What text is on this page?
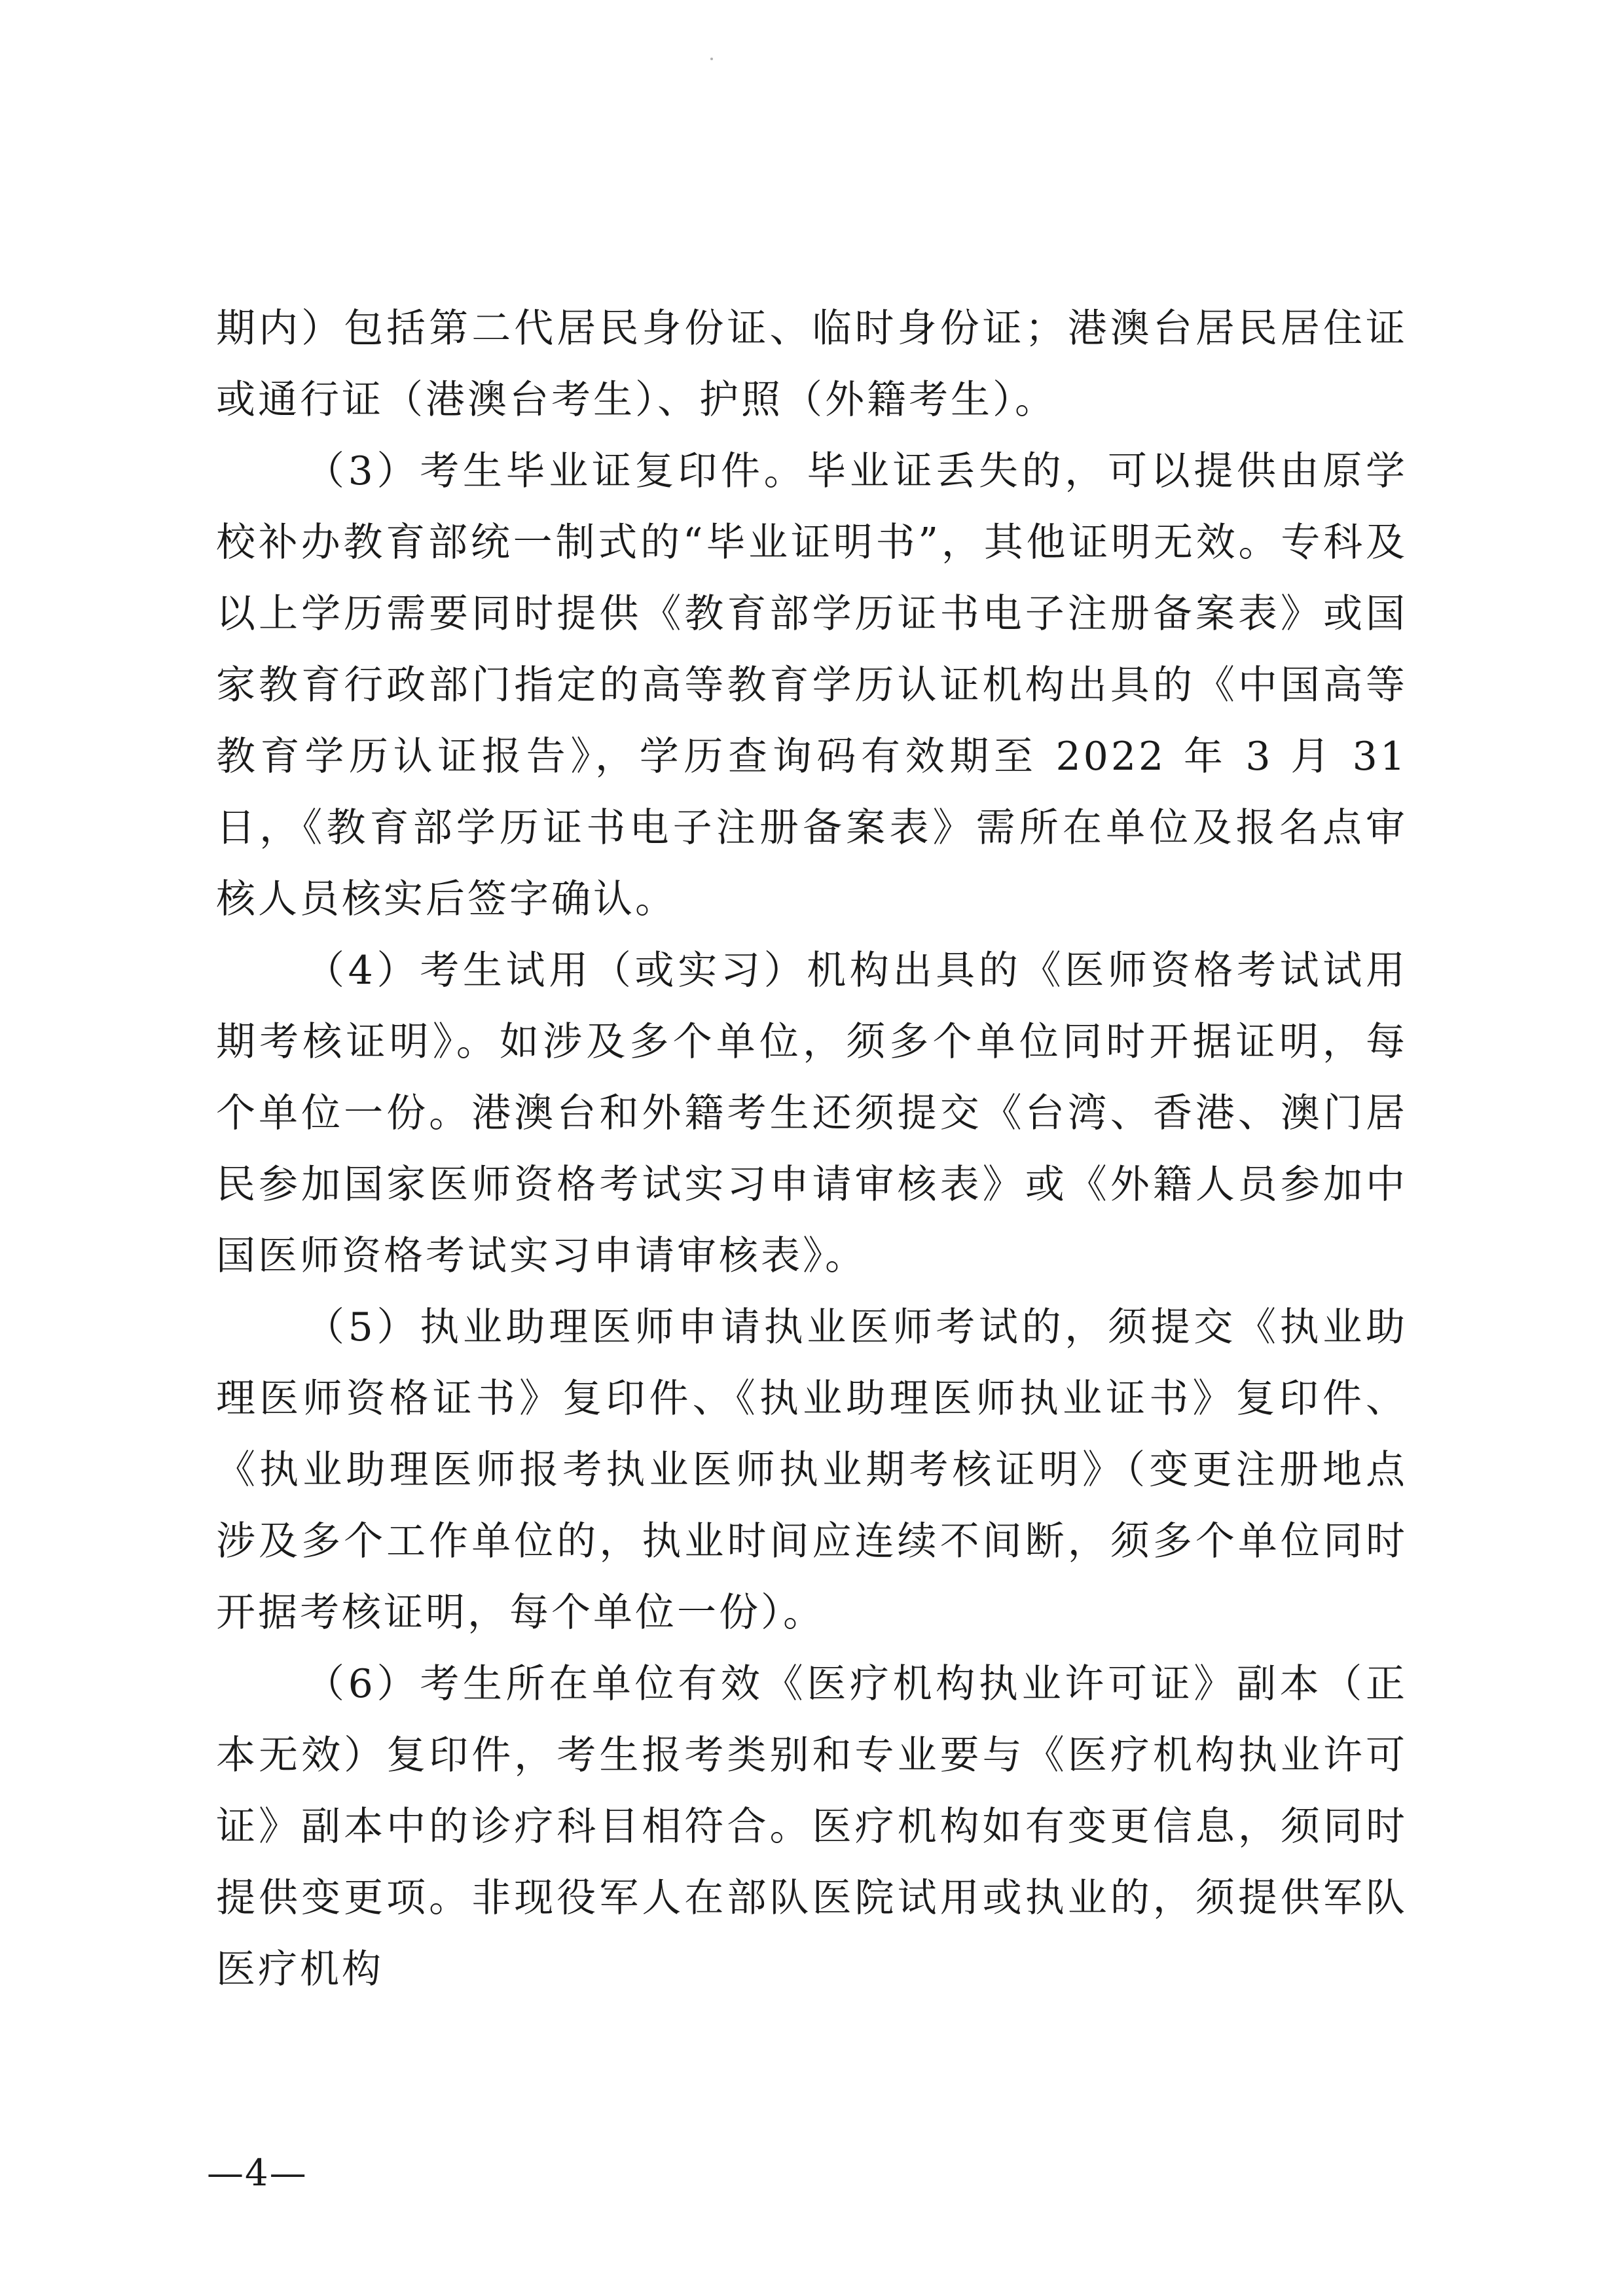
期内）包括第二代居民身份证、临时身份证；港澳台居民居住证或通行证（港澳台考生）、护照（外籍考生）。

（3）考生毕业证复印件。毕业证丢失的，可以提供由原学校补办教育部统一制式的“毕业证明书”，其他证明无效。专科及以上学历需要同时提供《教育部学历证书电子注册备案表》或国家教育行政部门指定的高等教育学历认证机构出具的《中国高等教育学历认证报告》，学历查询码有效期至 2022 年 3 月 31 日，《教育部学历证书电子注册备案表》需所在单位及报名点审核人员核实后签字确认。

（4）考生试用（或实习）机构出具的《医师资格考试试用期考核证明》。如涉及多个单位，须多个单位同时开据证明，每个单位一份。港澳台和外籍考生还须提交《台湾、香港、澳门居民参加国家医师资格考试实习申请审核表》或《外籍人员参加中国医师资格考试实习申请审核表》。

（5）执业助理医师申请执业医师考试的，须提交《执业助理医师资格证书》复印件、《执业助理医师执业证书》复印件、《执业助理医师报考执业医师执业期考核证明》（变更注册地点涉及多个工作单位的，执业时间应连续不间断，须多个单位同时开据考核证明，每个单位一份）。

（6）考生所在单位有效《医疗机构执业许可证》副本（正本无效）复印件，考生报考类别和专业要与《医疗机构执业许可证》副本中的诊疗科目相符合。医疗机构如有变更信息，须同时提供变更项。非现役军人在部队医院试用或执业的，须提供军队医疗机构

—4—
